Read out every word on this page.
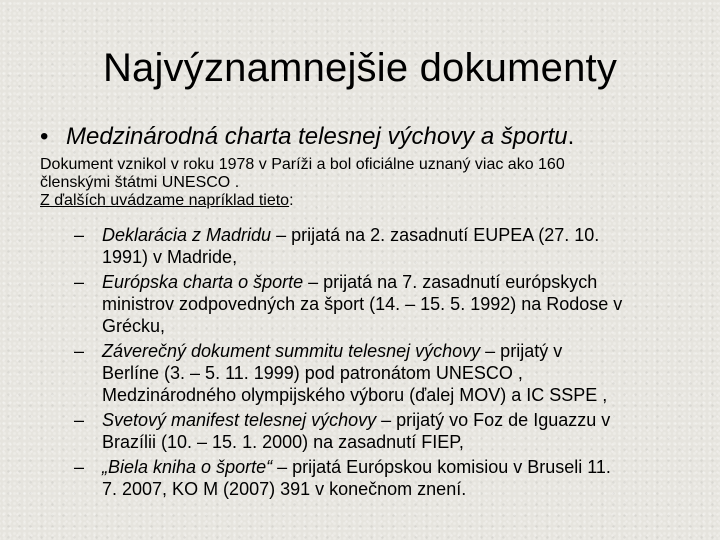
Najvýznamnejšie dokumenty
• Medzinárodná charta telesnej výchovy a športu .

Dokument vznikol v roku 1978 v Paríži a bol oficiálne uznaný viac ako 160

členskými štátmi UNESCO .

Z ďalších uvádzame napríklad tieto:

– Deklarácia z Madridu – prijatá na 2. zasadnutí EUPEA (27. 10.
1991) v Madride,
– Európska charta o športe – prijatá na 7. zasadnutí európskych
ministrov zodpovedných za šport (14. – 15. 5. 1992) na Rodose v
Grécku,
– Záverečný dokument summitu telesnej výchovy – prijatý v
Berlíne (3. – 5. 11. 1999) pod patronátom UNESCO ,
Medzinárodného olympijského výboru (ďalej MOV) a IC SSPE ,
– Svetový manifest telesnej výchovy – prijatý vo Foz de Iguazzu v
Brazílii (10. – 15. 1. 2000) na zasadnutí FIEP,
– „Biela kniha o športe“ – prijatá Európskou komisiou v Bruseli 11.
7. 2007, KO M (2007) 391 v konečnom znení.
